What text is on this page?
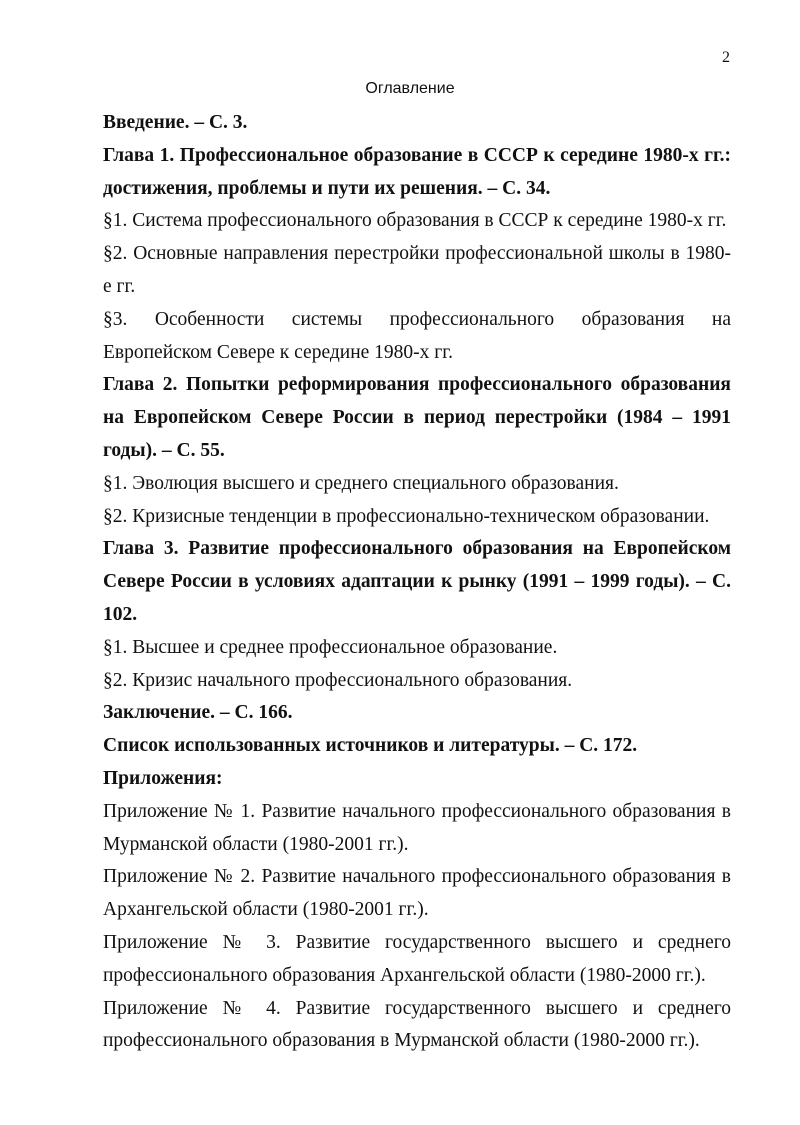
2
Оглавление

Введение. – С. 3.

Глава 1. Профессиональное образование в СССР к середине 1980-х гг.: достижения, проблемы и пути их решения. – С. 34.

§1. Система профессионального образования в СССР к середине 1980-х гг.

§2. Основные направления перестройки профессиональной школы в 1980-е гг.

§3. Особенности системы профессионального образования на Европейском Севере к середине 1980-х гг.

Глава 2. Попытки реформирования профессионального образования на Европейском Севере России в период перестройки (1984 – 1991 годы). – С. 55.

§1. Эволюция высшего и среднего специального образования.

§2. Кризисные тенденции в профессионально-техническом образовании.

Глава 3. Развитие профессионального образования на Европейском Севере России в условиях адаптации к рынку (1991 – 1999 годы). – С. 102.

§1. Высшее и среднее профессиональное образование.

§2. Кризис начального профессионального образования.

Заключение. – С. 166.

Список использованных источников и литературы. – С. 172.

Приложения:

Приложение № 1. Развитие начального профессионального образования в Мурманской области (1980-2001 гг.).

Приложение № 2. Развитие начального профессионального образования в Архангельской области (1980-2001 гг.).

Приложение № 3. Развитие государственного высшего и среднего профессионального образования Архангельской области (1980-2000 гг.).

Приложение № 4. Развитие государственного высшего и среднего профессионального образования в Мурманской области (1980-2000 гг.).
